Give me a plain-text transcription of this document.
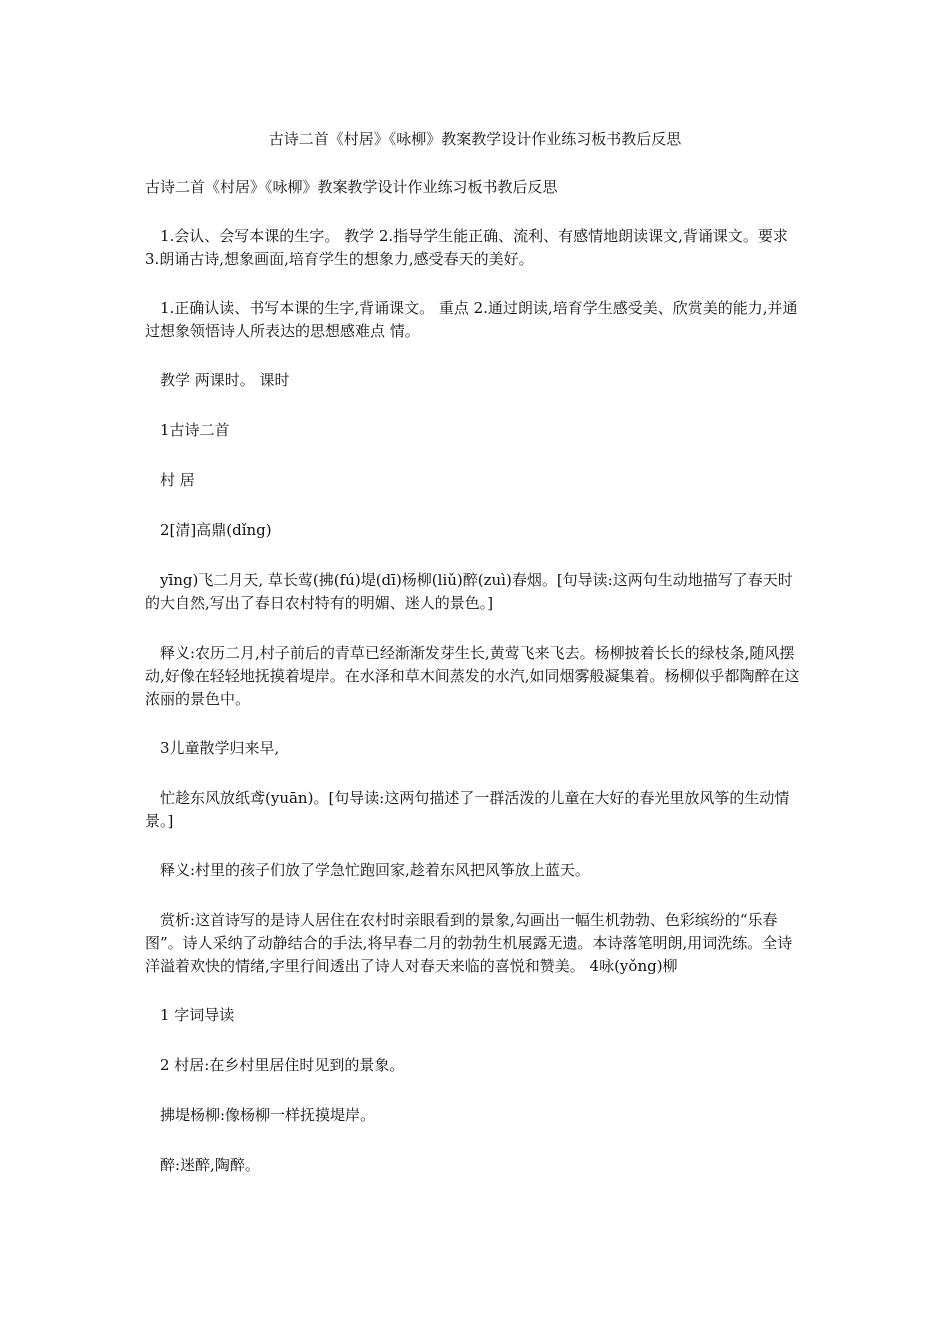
古诗二首《村居》《咏柳》教案教学设计作业练习板书教后反思

古诗二首《村居》《咏柳》教案教学设计作业练习板书教后反思

1.会认、会写本课的生字。 教学 2.指导学生能正确、流利、有感情地朗读课文,背诵课文。要求 3.朗诵古诗,想象画面,培育学生的想象力,感受春天的美好。

1.正确认读、书写本课的生字,背诵课文。 重点 2.通过朗读,培育学生感受美、欣赏美的能力,并通过想象领悟诗人所表达的思想感难点 情。

教学 两课时。 课时

1古诗二首

村 居

2[清]高鼎(dǐng)

yīng)飞二月天, 草长莺(拂(fú)堤(dī)杨柳(liǔ)醉(zuì)春烟。[句导读:这两句生动地描写了春天时的大自然,写出了春日农村特有的明媚、迷人的景色。]

释义:农历二月,村子前后的青草已经渐渐发芽生长,黄莺飞来飞去。杨柳披着长长的绿枝条,随风摆动,好像在轻轻地抚摸着堤岸。在水泽和草木间蒸发的水汽,如同烟雾般凝集着。杨柳似乎都陶醉在这浓丽的景色中。

3儿童散学归来早,

忙趁东风放纸鸢(yuān)。[句导读:这两句描述了一群活泼的儿童在大好的春光里放风筝的生动情景。]

释义:村里的孩子们放了学急忙跑回家,趁着东风把风筝放上蓝天。

赏析:这首诗写的是诗人居住在农村时亲眼看到的景象,勾画出一幅生机勃勃、色彩缤纷的“乐春图”。诗人采纳了动静结合的手法,将早春二月的勃勃生机展露无遗。本诗落笔明朗,用词洗练。全诗洋溢着欢快的情绪,字里行间透出了诗人对春天来临的喜悦和赞美。 4咏(yǒng)柳

1 字词导读

2 村居:在乡村里居住时见到的景象。

拂堤杨柳:像杨柳一样抚摸堤岸。

醉:迷醉,陶醉。
